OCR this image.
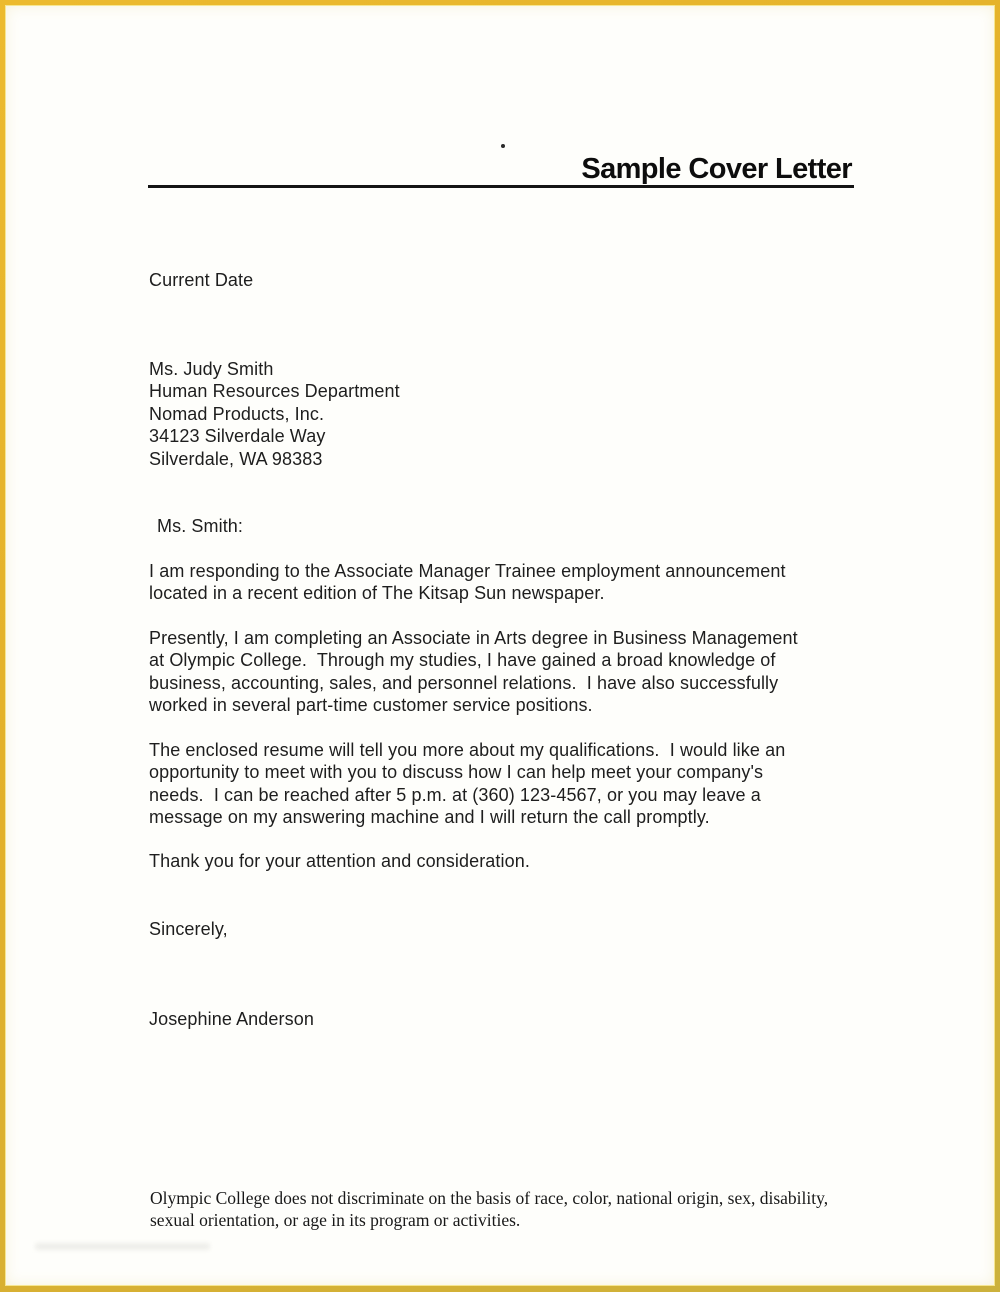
Sample Cover Letter
Current Date
Ms. Judy Smith
Human Resources Department
Nomad Products, Inc.
34123 Silverdale Way
Silverdale, WA 98383
Ms. Smith:
I am responding to the Associate Manager Trainee employment announcement
located in a recent edition of The Kitsap Sun newspaper.
Presently, I am completing an Associate in Arts degree in Business Management
at Olympic College.  Through my studies, I have gained a broad knowledge of
business, accounting, sales, and personnel relations.  I have also successfully
worked in several part-time customer service positions.
The enclosed resume will tell you more about my qualifications.  I would like an
opportunity to meet with you to discuss how I can help meet your company's
needs.  I can be reached after 5 p.m. at (360) 123-4567, or you may leave a
message on my answering machine and I will return the call promptly.
Thank you for your attention and consideration.
Sincerely,
Josephine Anderson
Olympic College does not discriminate on the basis of race, color, national origin, sex, disability,
sexual orientation, or age in its program or activities.
